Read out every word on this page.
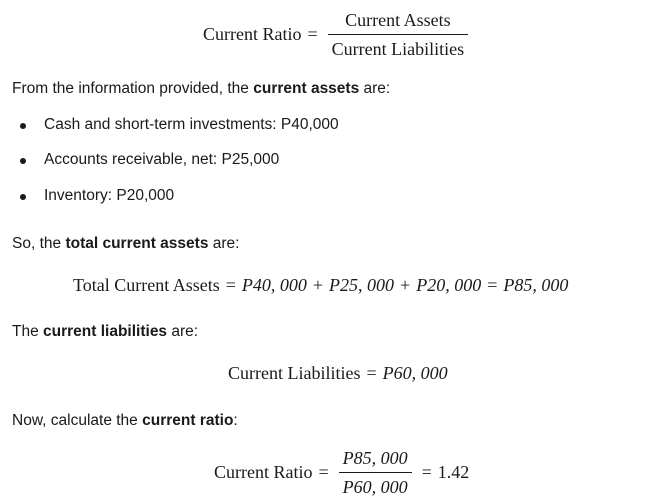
Current Ratio = $\frac{\text{Current Assets}}{\text{Current Liabilities}}$
From the information provided, the current assets are:
Cash and short-term investments: P40,000
Accounts receivable, net: P25,000
Inventory: P20,000
So, the total current assets are:
Total Current Assets = P40, 000 + P25, 000 + P20, 000 = P85, 000
The current liabilities are:
Current Liabilities = P60, 000
Now, calculate the current ratio:
Current Ratio = $\frac{P85, 000}{P60, 000} = 1.42$
